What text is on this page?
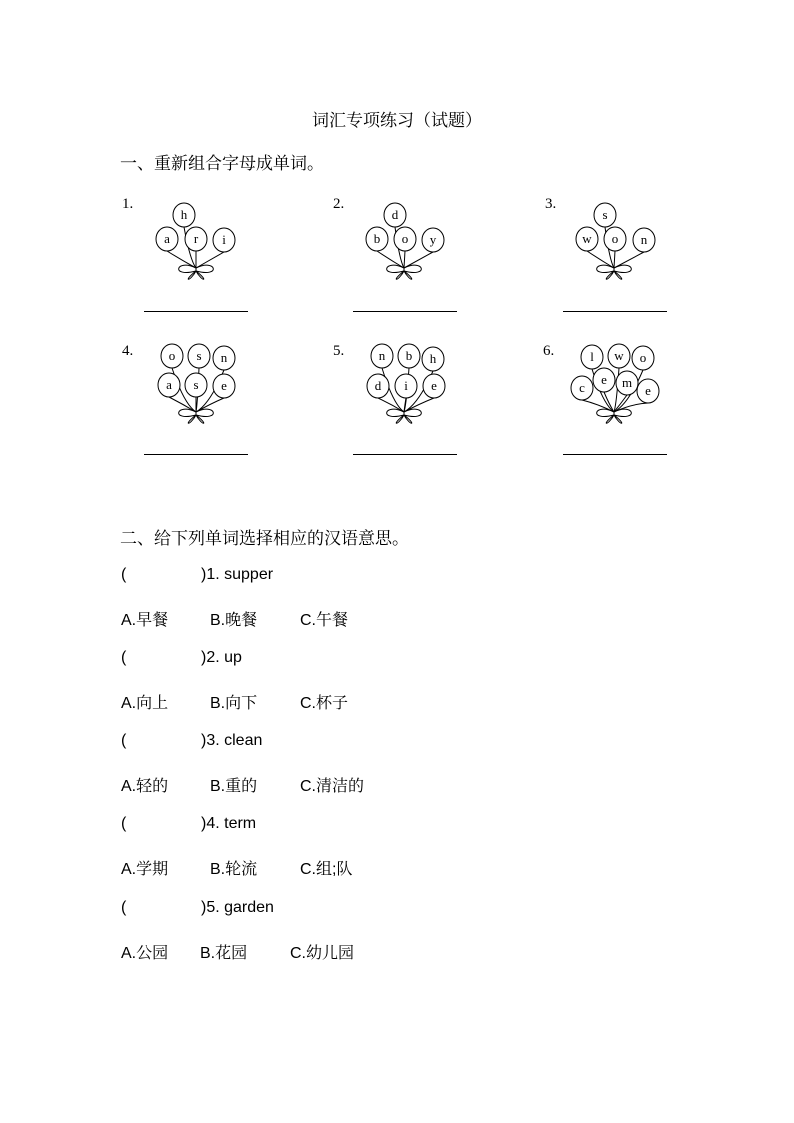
词汇专项练习（试题）
一、重新组合字母成单词。
1.	2.	3.
4.	5.	6.
h
a r i
d
b o y
s
w o n
o s n
a s e
n b h
d i e
l w o
e
c	m
e
二、给下列单词选择相应的汉语意思。
(	)1. supper
A.早餐	B.晚餐	C.午餐
(	)2. up
A.向上	B.向下	C.杯子
(	)3. clean
A.轻的	B.重的	C.清洁的
(	)4. term
A.学期	B.轮流	C.组;队
(	)5. garden
A.公园 B.花园	C.幼儿园
